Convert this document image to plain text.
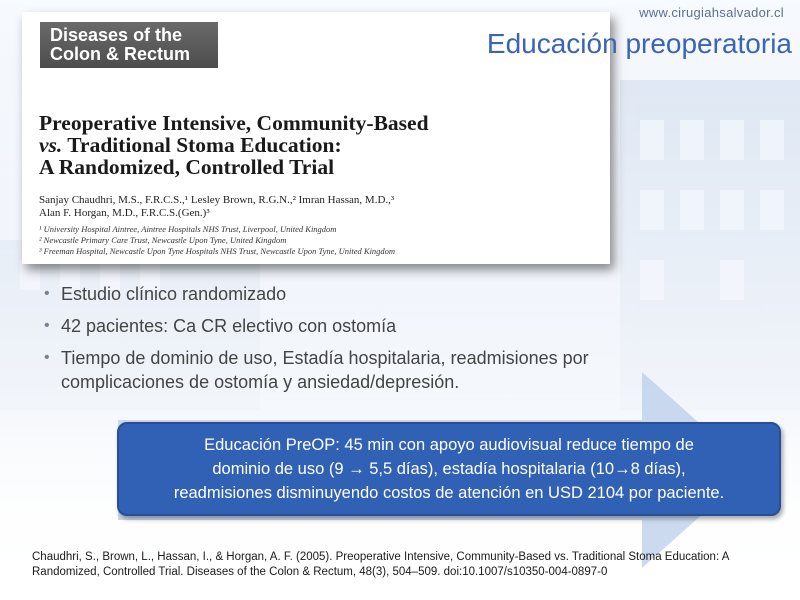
www.cirugiahsalvador.cl
Educación preoperatoria
Diseases of the
Colon & Rectum
Preoperative Intensive, Community-Based
vs. Traditional Stoma Education:
A Randomized, Controlled Trial
Sanjay Chaudhri, M.S., F.R.C.S.,¹ Lesley Brown, R.G.N.,² Imran Hassan, M.D.,³
Alan F. Horgan, M.D., F.R.C.S.(Gen.)³
¹ University Hospital Aintree, Aintree Hospitals NHS Trust, Liverpool, United Kingdom
² Newcastle Primary Care Trust, Newcastle Upon Tyne, United Kingdom
³ Freeman Hospital, Newcastle Upon Tyne Hospitals NHS Trust, Newcastle Upon Tyne, United Kingdom
• Estudio clínico randomizado
• 42 pacientes: Ca CR electivo con ostomía
• Tiempo de dominio de uso, Estadía hospitalaria, readmisiones por complicaciones de ostomía y ansiedad/depresión.
Educación PreOP: 45 min con apoyo audiovisual reduce tiempo de
dominio de uso (9 → 5,5 días), estadía hospitalaria (10→8 días),
readmisiones disminuyendo costos de atención en USD 2104 por paciente.
Chaudhri, S., Brown, L., Hassan, I., & Horgan, A. F. (2005). Preoperative Intensive, Community-Based vs. Traditional Stoma Education: A
Randomized, Controlled Trial. Diseases of the Colon & Rectum, 48(3), 504–509. doi:10.1007/s10350-004-0897-0
